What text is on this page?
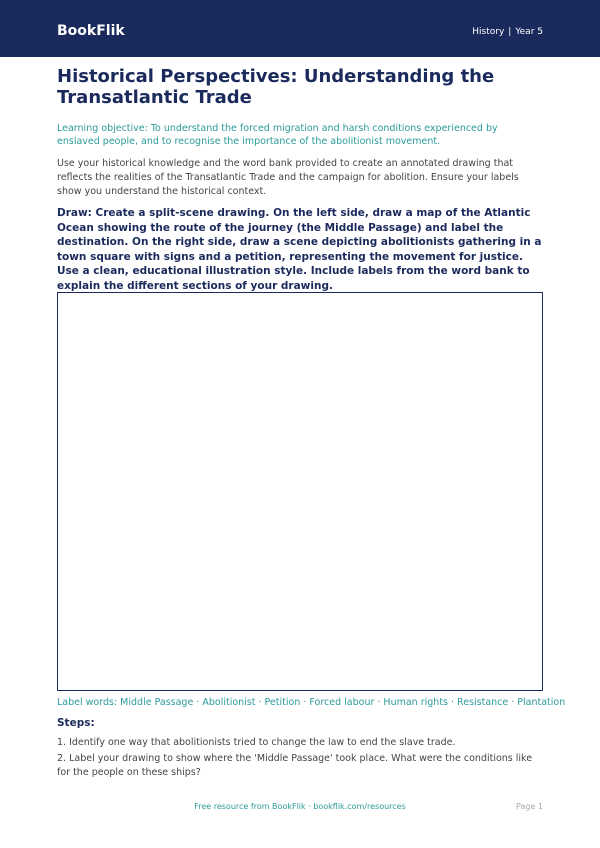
BookFlik	History | Year 5
Historical Perspectives: Understanding the Transatlantic Trade

Learning objective: To understand the forced migration and harsh conditions experienced by enslaved people, and to recognise the importance of the abolitionist movement.

Use your historical knowledge and the word bank provided to create an annotated drawing that reflects the realities of the Transatlantic Trade and the campaign for abolition. Ensure your labels show you understand the historical context.

Draw: Create a split-scene drawing. On the left side, draw a map of the Atlantic Ocean showing the route of the journey (the Middle Passage) and label the destination. On the right side, draw a scene depicting abolitionists gathering in a town square with signs and a petition, representing the movement for justice. Use a clean, educational illustration style. Include labels from the word bank to explain the different sections of your drawing.

Label words: Middle Passage · Abolitionist · Petition · Forced labour · Human rights · Resistance · Plantation
Steps:
1. Identify one way that abolitionists tried to change the law to end the slave trade.
2. Label your drawing to show where the 'Middle Passage' took place. What were the conditions like for the people on these ships?
Free resource from BookFlik · bookflik.com/resources	Page 1
